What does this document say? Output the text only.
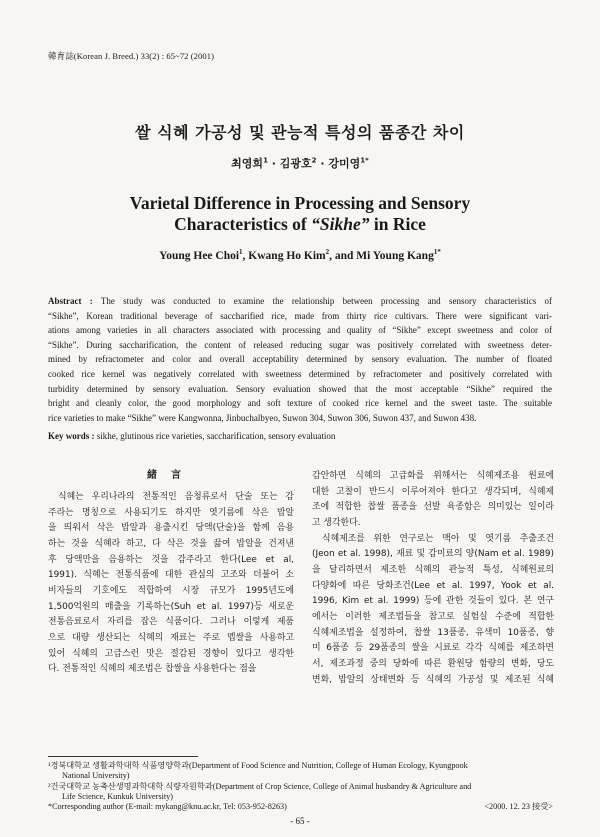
韓育誌(Korean J. Breed.) 33(2) : 65~72 (2001)
쌀 식혜 가공성 및 관능적 특성의 품종간 차이
최영희$^1$ · 김광호$^2$ · 강미영$^{1*}$
Varietal Difference in Processing and Sensory
Characteristics of “Sikhe” in Rice
Young Hee Choi$^1$, Kwang Ho Kim$^2$, and Mi Young Kang$^{1*}$
Abstract : The study was conducted to examine the relationship between processing and sensory characteristics of
“Sikhe”, Korean traditional beverage of saccharified rice, made from thirty rice cultivars. There were significant vari-
ations among varieties in all characters associated with processing and quality of “Sikhe” except sweetness and color of
“Sikhe”. During saccharification, the content of released reducing sugar was positively correlated with sweetness deter-
mined by refractometer and color and overall acceptability determined by sensory evaluation. The number of floated
cooked rice kernel was negatively correlated with sweetness determined by refractometer and positively correlated with
turbidity determined by sensory evaluation. Sensory evaluation showed that the most acceptable “Sikhe” required the
bright and cleanly color, the good morphology and soft texture of cooked rice kernel and the sweet taste. The suitable
rice varieties to make “Sikhe” were Kangwonna, Jinbuchalbyeo, Suwon 304, Suwon 306, Suwon 437, and Suwon 438.
Key words : sikhe, glutinous rice varieties, saccharification, sensory evaluation
緒言
식혜는 우리나라의 전통적인 음청류로서 단술 또는 감
주라는 명칭으로 사용되기도 하지만 엿기름에 삭은 밥알
을 띄워서 삭은 밥알과 용출시킨 당액(단술)을 함께 음용
하는 것을 식혜라 하고, 다 삭은 것을 끓여 밥알을 건져낸
후 당액만을 음용하는 것을 감주라고 한다(Lee et al,
1991). 식혜는 전통식품에 대한 관심의 고조와 더불어 소
비자들의 기호에도 적합하여 시장 규모가 1995년도에
1,500억원의 매출을 기록하는(Suh et al. 1997)등 새로운
전통음료로서 자리를 잡은 식품이다. 그러나 이렇게 제품
으로 대량 생산되는 식혜의 재료는 주로 멥쌀을 사용하고
있어 식혜의 고급스런 맛은 절감된 경향이 있다고 생각한
다. 전통적인 식혜의 제조법은 찹쌀을 사용한다는 점을
감안하면 식혜의 고급화를 위해서는 식혜제조용 원료에
대한 고찰이 반드시 이루어져야 한다고 생각되며, 식혜제
조에 적합한 찹쌀 품종을 선발 육종함은 의미있는 일이라
고 생각한다.
식혜제조를 위한 연구로는 맥아 및 엿기름 추출조건
(Jeon et al. 1998), 재료 및 감미료의 양(Nam et al. 1989)
을 달리하면서 제조한 식혜의 관능적 특성, 식혜원료의
다양화에 따른 당화조건(Lee et al. 1997, Yook et al.
1996, Kim et al. 1999) 등에 관한 것들이 있다. 본 연구
에서는 이러한 제조법들을 참고로 실험실 수준에 적합한
식혜제조법을 설정하여, 찹쌀 13품종, 유색미 10품종, 향
미 6품종 등 29품종의 쌀을 시료로 각각 식혜를 제조하면
서, 제조과정 중의 당화에 따른 환원당 함량의 변화, 당도
변화, 밥알의 상태변화 등 식혜의 가공성 및 제조된 식혜
¹경북대학교 생활과학대학 식품영양학과(Department of Food Science and Nutrition, College of Human Ecology, Kyungpook
National University)
²건국대학교 농축산생명과학대학 식량자원학과(Department of Crop Science, College of Animal husbandry & Agriculture and
Life Science, Kunkuk University)
*Corresponding author (E-mail: mykang@knu.ac.kr, Tel: 053-952-8263)	<2000. 12. 23 接受>
- 65 -
